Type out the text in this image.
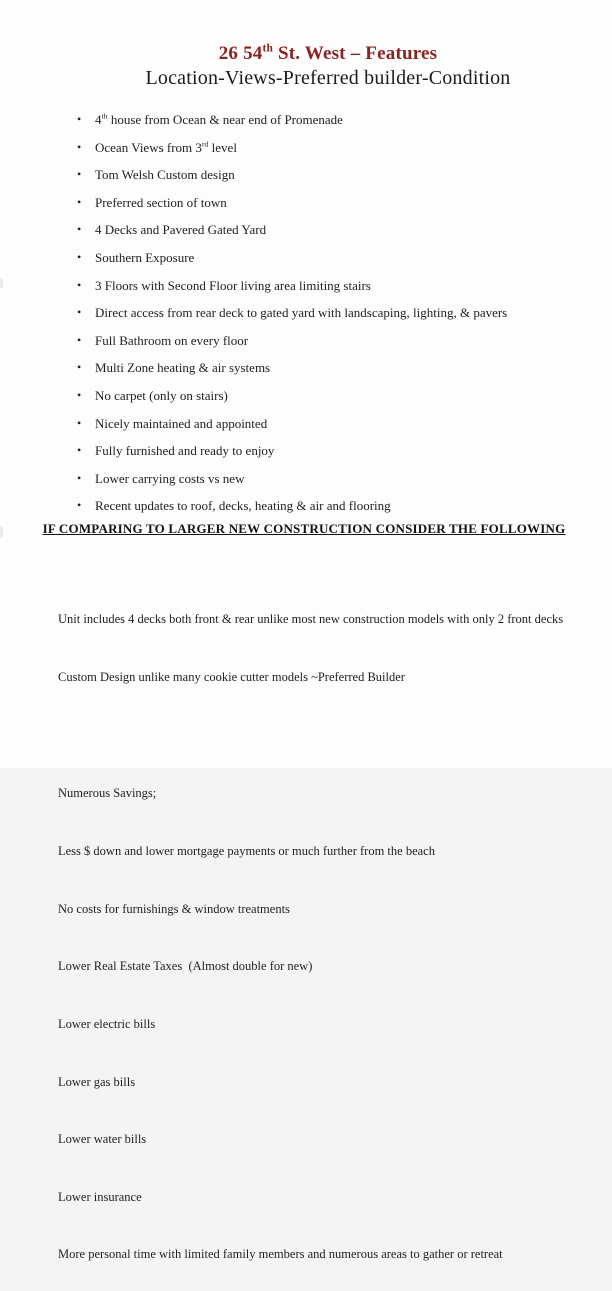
26 54th St. West – Features
Location-Views-Preferred builder-Condition
• 4th house from Ocean & near end of Promenade
• Ocean Views from 3rd level
• Tom Welsh Custom design
• Preferred section of town
• 4 Decks and Pavered Gated Yard
• Southern Exposure
• 3 Floors with Second Floor living area limiting stairs
• Direct access from rear deck to gated yard with landscaping, lighting, & pavers
• Full Bathroom on every floor
• Multi Zone heating & air systems
• No carpet (only on stairs)
• Nicely maintained and appointed
• Fully furnished and ready to enjoy
• Lower carrying costs vs new
• Recent updates to roof, decks, heating & air and flooring
IF COMPARING TO LARGER NEW CONSTRUCTION CONSIDER THE FOLLOWING

Unit includes 4 decks both front & rear unlike most new construction models with only 2 front decks

Custom Design unlike many cookie cutter models ~Preferred Builder

Numerous Savings;

Less $ down and lower mortgage payments or much further from the beach

No costs for furnishings & window treatments

Lower Real Estate Taxes  (Almost double for new)

Lower electric bills

Lower gas bills

Lower water bills

Lower insurance

More personal time with limited family members and numerous areas to gather or retreat
